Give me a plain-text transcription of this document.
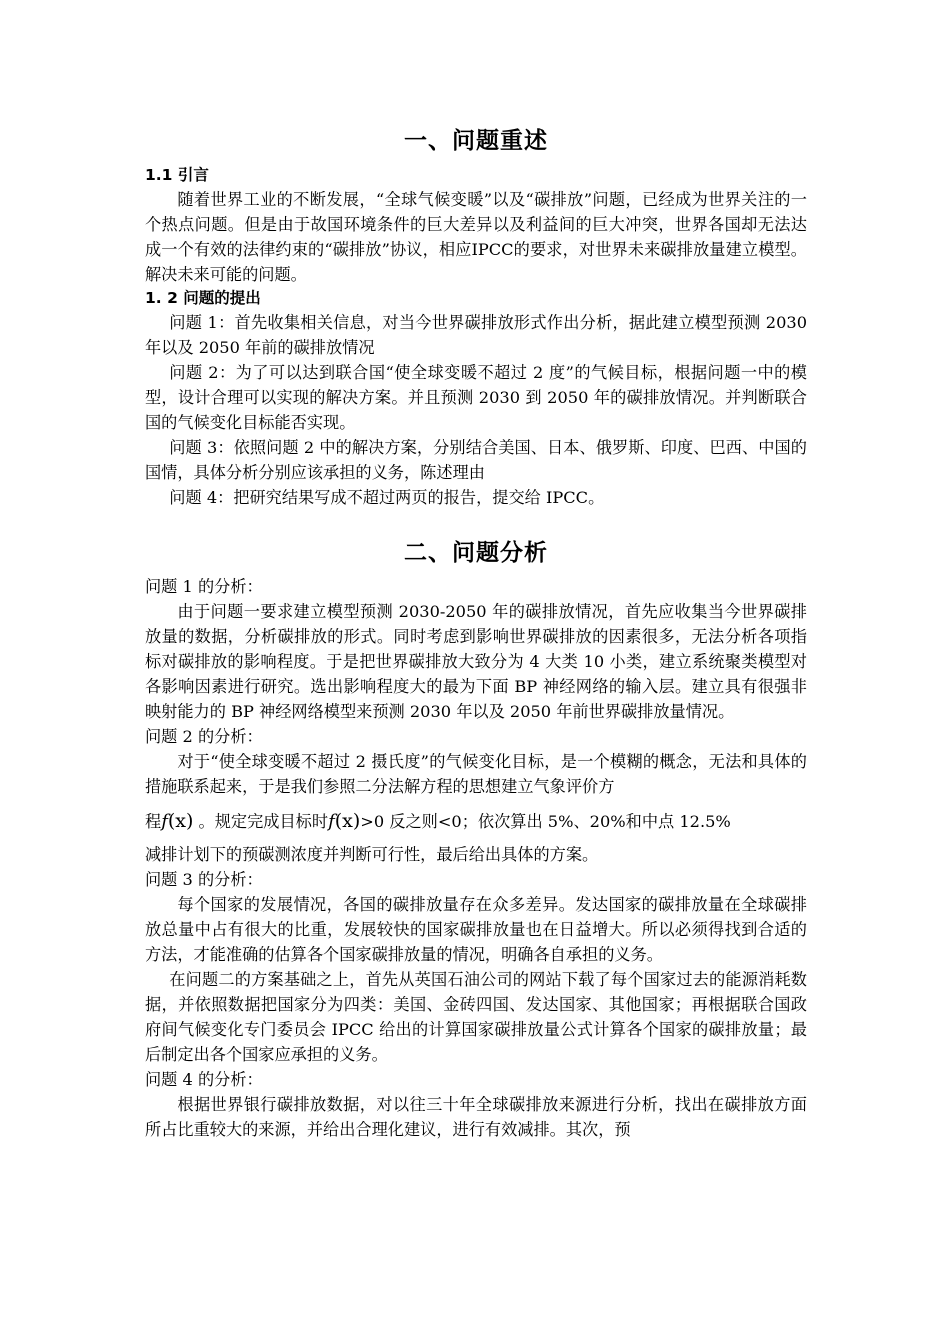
一、问题重述
1.1 引言

随着世界工业的不断发展，“全球气候变暖”以及“碳排放”问题，已经成为世界关注的一个热点问题。但是由于故国环境条件的巨大差异以及利益间的巨大冲突，世界各国却无法达成一个有效的法律约束的“碳排放”协议，相应IPCC的要求，对世界未来碳排放量建立模型。解决未来可能的问题。

1. 2 问题的提出

问题 1：首先收集相关信息，对当今世界碳排放形式作出分析，据此建立模型预测 2030 年以及 2050 年前的碳排放情况

问题 2：为了可以达到联合国“使全球变暖不超过 2 度”的气候目标，根据问题一中的模型，设计合理可以实现的解决方案。并且预测 2030 到 2050 年的碳排放情况。并判断联合国的气候变化目标能否实现。

问题 3：依照问题 2 中的解决方案，分别结合美国、日本、俄罗斯、印度、巴西、中国的国情，具体分析分别应该承担的义务，陈述理由

问题 4：把研究结果写成不超过两页的报告，提交给 IPCC。

二、问题分析
问题 1 的分析：

由于问题一要求建立模型预测 2030-2050 年的碳排放情况，首先应收集当今世界碳排放量的数据，分析碳排放的形式。同时考虑到影响世界碳排放的因素很多，无法分析各项指标对碳排放的影响程度。于是把世界碳排放大致分为 4 大类 10 小类，建立系统聚类模型对各影响因素进行研究。选出影响程度大的最为下面 BP 神经网络的输入层。建立具有很强非映射能力的 BP 神经网络模型来预测 2030 年以及 2050 年前世界碳排放量情况。

问题 2 的分析：

对于“使全球变暖不超过 2 摄氏度”的气候变化目标，是一个模糊的概念，无法和具体的措施联系起来，于是我们参照二分法解方程的思想建立气象评价方

程f(x) 。规定完成目标时f(x)>0 反之则<0；依次算出 5%、20%和中点 12.5%

减排计划下的预碳测浓度并判断可行性，最后给出具体的方案。

问题 3 的分析：

每个国家的发展情况，各国的碳排放量存在众多差异。发达国家的碳排放量在全球碳排放总量中占有很大的比重，发展较快的国家碳排放量也在日益增大。所以必须得找到合适的方法，才能准确的估算各个国家碳排放量的情况，明确各自承担的义务。

在问题二的方案基础之上，首先从英国石油公司的网站下载了每个国家过去的能源消耗数据，并依照数据把国家分为四类：美国、金砖四国、发达国家、其他国家；再根据联合国政府间气候变化专门委员会 IPCC 给出的计算国家碳排放量公式计算各个国家的碳排放量；最后制定出各个国家应承担的义务。

问题 4 的分析：

根据世界银行碳排放数据，对以往三十年全球碳排放来源进行分析，找出在碳排放方面所占比重较大的来源，并给出合理化建议，进行有效减排。其次，预
